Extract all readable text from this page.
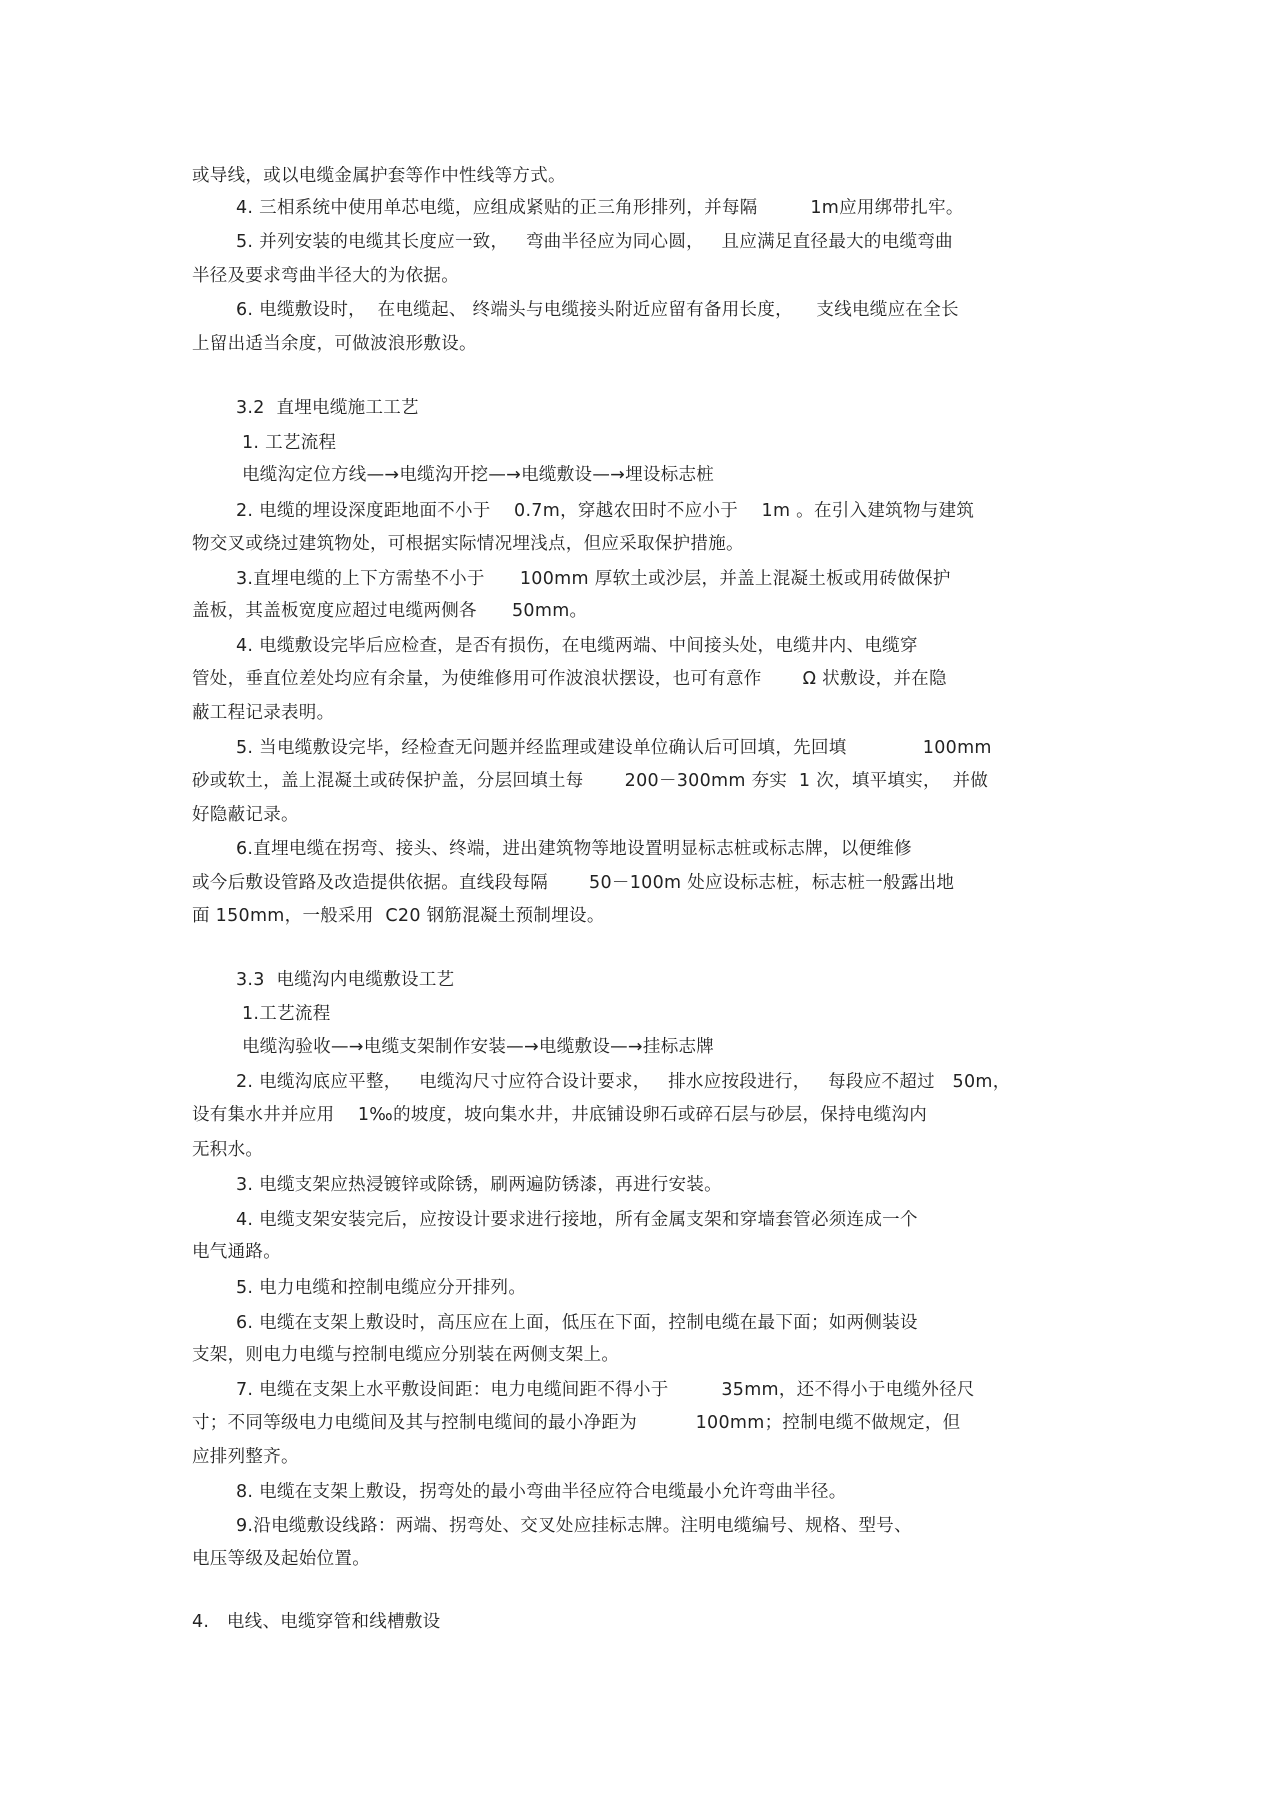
或导线，或以电缆金属护套等作中性线等方式。
4. 三相系统中使用单芯电缆，应组成紧贴的正三角形排列，并每隔         1m应用绑带扎牢。
5. 并列安装的电缆其长度应一致，   弯曲半径应为同心圆，   且应满足直径最大的电缆弯曲
半径及要求弯曲半径大的为依据。
6. 电缆敷设时，  在电缆起、 终端头与电缆接头附近应留有备用长度，    支线电缆应在全长
上留出适当余度，可做波浪形敷设。
3.2  直埋电缆施工工艺
1. 工艺流程
电缆沟定位方线—→电缆沟开挖—→电缆敷设—→埋设标志桩
2. 电缆的埋设深度距地面不小于    0.7m，穿越农田时不应小于    1m 。在引入建筑物与建筑
物交叉或绕过建筑物处，可根据实际情况埋浅点，但应采取保护措施。
3.直埋电缆的上下方需垫不小于      100mm 厚软土或沙层，并盖上混凝土板或用砖做保护
盖板，其盖板宽度应超过电缆两侧各      50mm。
4. 电缆敷设完毕后应检查，是否有损伤，在电缆两端、中间接头处，电缆井内、电缆穿
管处，垂直位差处均应有余量，为使维修用可作波浪状摆设，也可有意作       Ω 状敷设，并在隐
蔽工程记录表明。
5. 当电缆敷设完毕，经检查无问题并经监理或建设单位确认后可回填，先回填             100mm
砂或软土，盖上混凝土或砖保护盖，分层回填土每       200－300mm 夯实  1 次，填平填实，  并做
好隐蔽记录。
6.直埋电缆在拐弯、接头、终端，进出建筑物等地设置明显标志桩或标志牌，以便维修
或今后敷设管路及改造提供依据。直线段每隔       50－100m 处应设标志桩，标志桩一般露出地
面 150mm，一般采用  C20 钢筋混凝土预制埋设。
3.3  电缆沟内电缆敷设工艺
1.工艺流程
电缆沟验收—→电缆支架制作安装—→电缆敷设—→挂标志牌
2. 电缆沟底应平整，   电缆沟尺寸应符合设计要求，   排水应按段进行，   每段应不超过   50m，
设有集水井并应用    1‰的坡度，坡向集水井，井底铺设卵石或碎石层与砂层，保持电缆沟内
无积水。
3. 电缆支架应热浸镀锌或除锈，刷两遍防锈漆，再进行安装。
4. 电缆支架安装完后，应按设计要求进行接地，所有金属支架和穿墙套管必须连成一个
电气通路。
5. 电力电缆和控制电缆应分开排列。
6. 电缆在支架上敷设时，高压应在上面，低压在下面，控制电缆在最下面；如两侧装设
支架，则电力电缆与控制电缆应分别装在两侧支架上。
7. 电缆在支架上水平敷设间距：电力电缆间距不得小于         35mm，还不得小于电缆外径尺
寸；不同等级电力电缆间及其与控制电缆间的最小净距为          100mm；控制电缆不做规定，但
应排列整齐。
8. 电缆在支架上敷设，拐弯处的最小弯曲半径应符合电缆最小允许弯曲半径。
9.沿电缆敷设线路：两端、拐弯处、交叉处应挂标志牌。注明电缆编号、规格、型号、
电压等级及起始位置。
4.   电线、电缆穿管和线槽敷设
